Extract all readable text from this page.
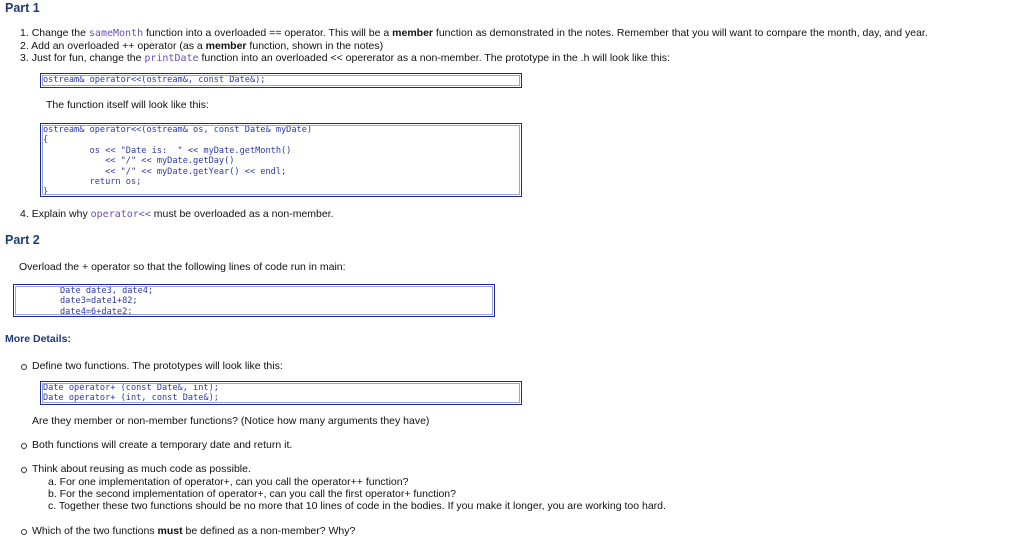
Part 1
1. Change the sameMonth function into a overloaded == operator. This will be a member function as demonstrated in the notes. Remember that you will want to compare the month, day, and year.
2. Add an overloaded ++ operator (as a member function, shown in the notes)
3. Just for fun, change the printDate function into an overloaded << opererator as a non-member. The prototype in the .h will look like this:
ostream& operator<<(ostream&, const Date&);
The function itself will look like this:
ostream& operator<<(ostream& os, const Date& myDate)
{
os << "Date is:  " << myDate.getMonth()
<< "/" << myDate.getDay()
<< "/" << myDate.getYear() << endl;
return os;
}
4. Explain why operator<< must be overloaded as a non-member.
Part 2
Overload the + operator so that the following lines of code run in main:
Date date3, date4;
date3=date1+82;
date4=6+date2;
More Details:
Define two functions. The prototypes will look like this:
Date operator+ (const Date&, int);
Date operator+ (int, const Date&);
Are they member or non-member functions? (Notice how many arguments they have)
Both functions will create a temporary date and return it.
Think about reusing as much code as possible.
a. For one implementation of operator+, can you call the operator++ function?
b. For the second implementation of operator+, can you call the first operator+ function?
c. Together these two functions should be no more that 10 lines of code in the bodies. If you make it longer, you are working too hard.
Which of the two functions must be defined as a non-member? Why?
